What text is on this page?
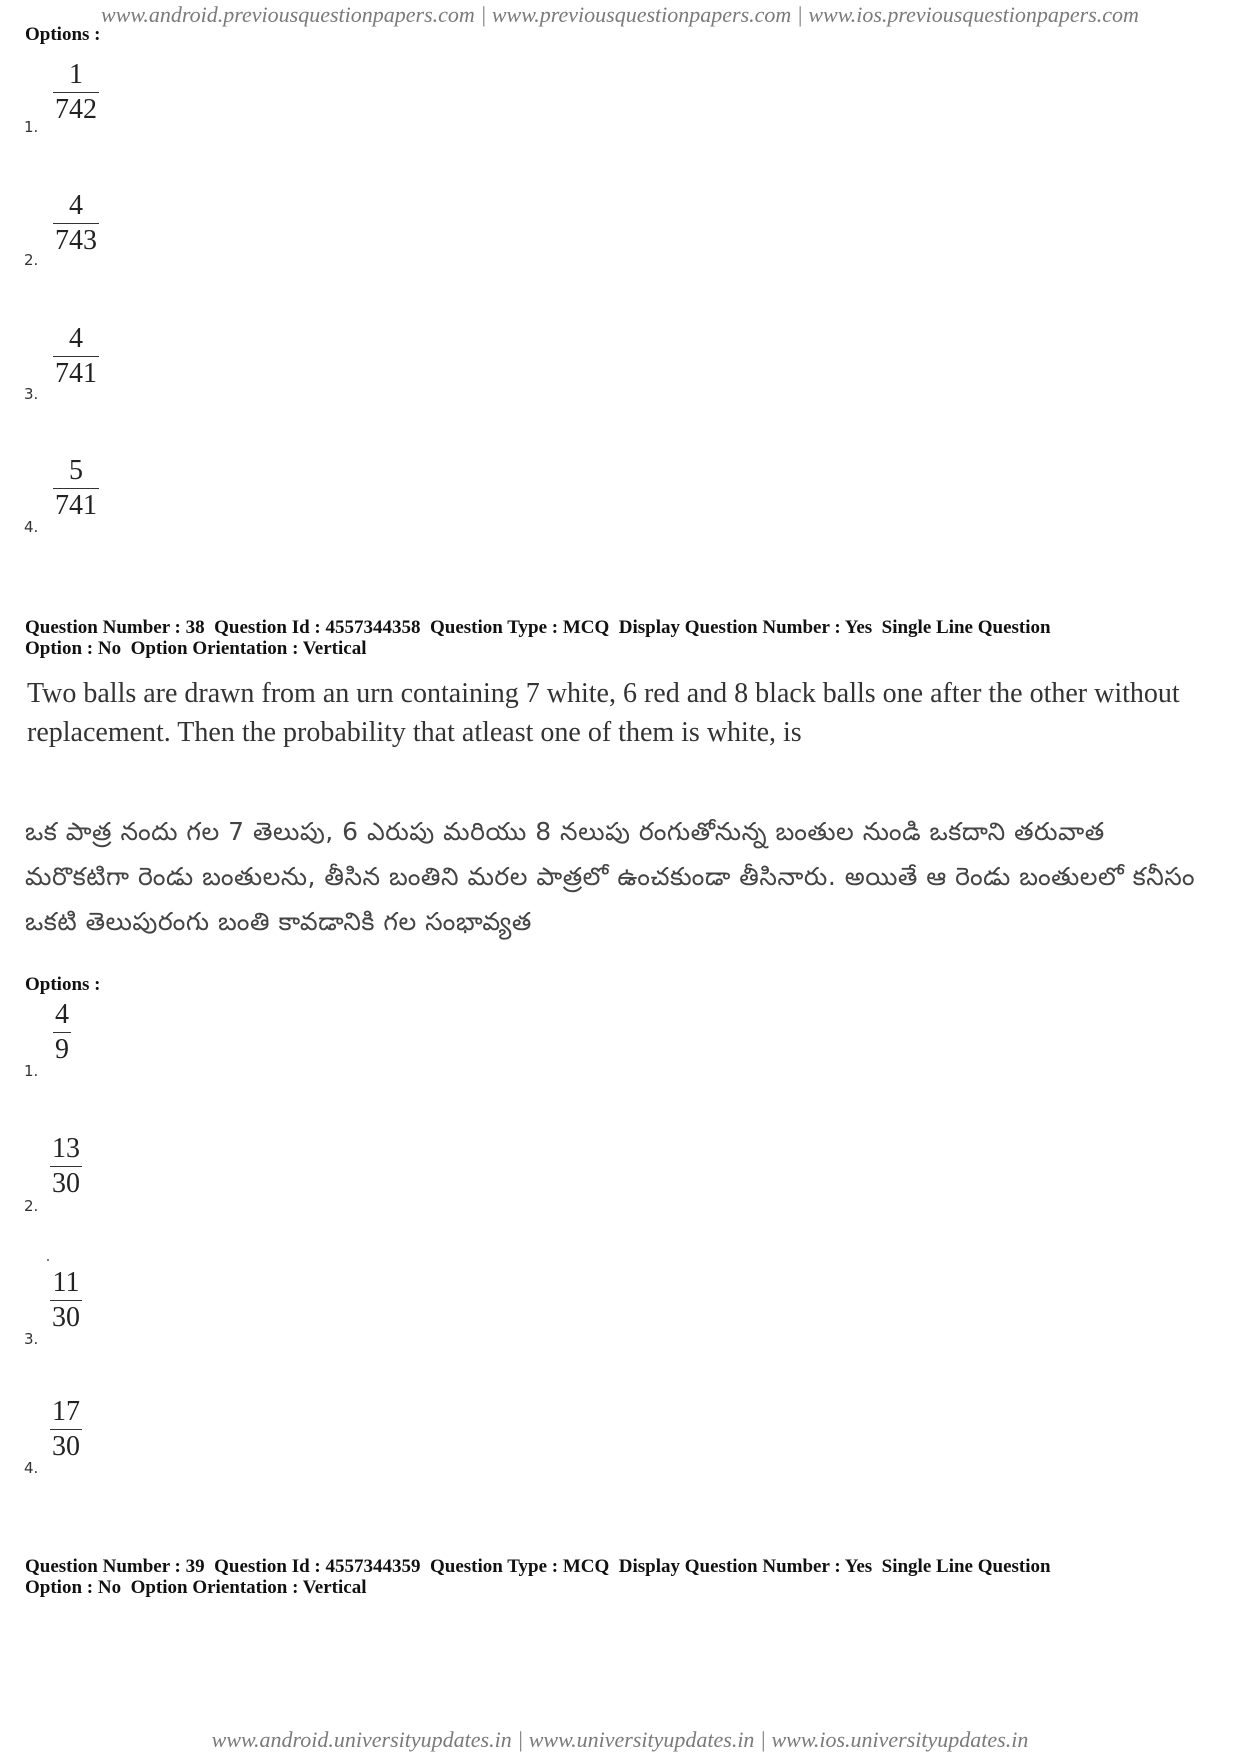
www.android.previousquestionpapers.com | www.previousquestionpapers.com | www.ios.previousquestionpapers.com
Options :
1.
1
742
2.
4
743
3.
4
741
4.
5
741
Question Number : 38  Question Id : 4557344358  Question Type : MCQ  Display Question Number : Yes  Single Line Question
Option : No  Option Orientation : Vertical
Two balls are drawn from an urn containing 7 white, 6 red and 8 black balls one after the other without replacement. Then the probability that atleast one of them is white, is
ఒక పాత్ర నందు గల 7 తెలుపు, 6 ఎరుపు మరియు 8 నలుపు రంగుతోనున్న బంతుల నుండి ఒకదాని తరువాత మరొకటిగా రెండు బంతులను, తీసిన బంతిని మరల పాత్రలో ఉంచకుండా తీసినారు. అయితే ఆ రెండు బంతులలో కనీసం ఒకటి తెలుపురంగు బంతి కావడానికి గల సంభావ్యత
Options :
1.
4
9
2.
13
30
3.
11
30
4.
17
30
Question Number : 39  Question Id : 4557344359  Question Type : MCQ  Display Question Number : Yes  Single Line Question
Option : No  Option Orientation : Vertical
www.android.universityupdates.in | www.universityupdates.in | www.ios.universityupdates.in
